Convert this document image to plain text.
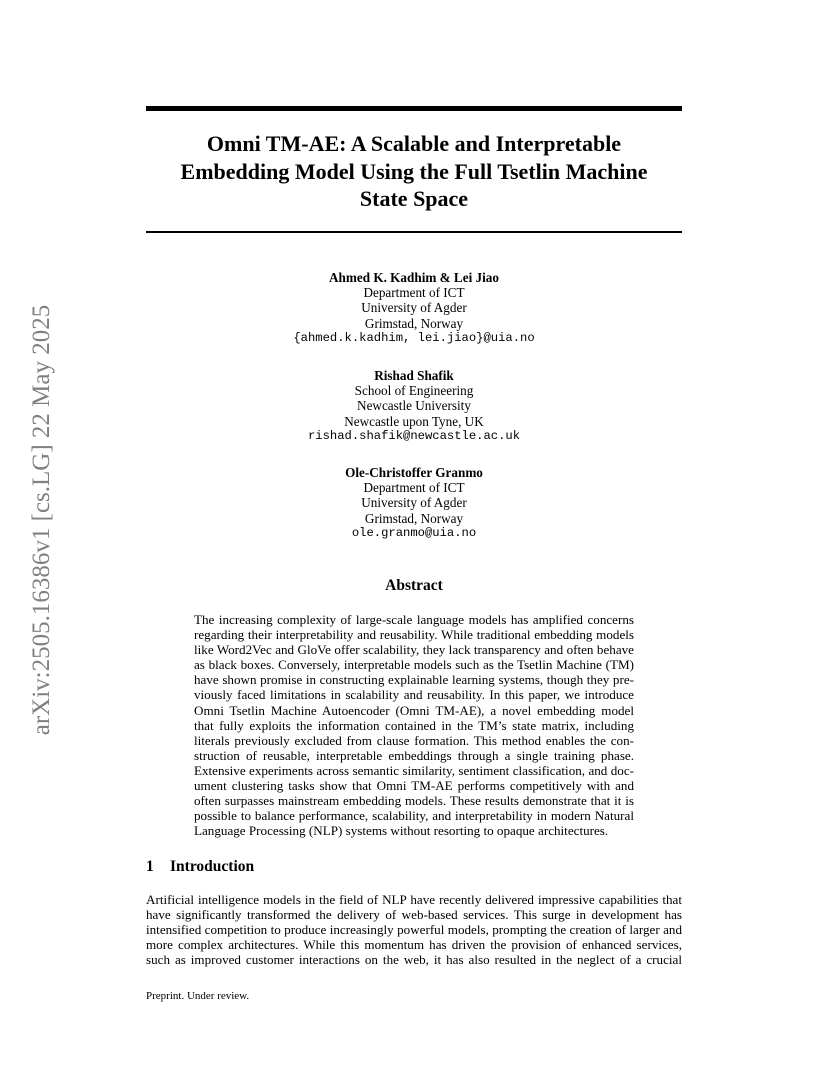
arXiv:2505.16386v1 [cs.LG] 22 May 2025
Omni TM-AE: A Scalable and Interpretable
Embedding Model Using the Full Tsetlin Machine
State Space
Ahmed K. Kadhim & Lei Jiao
Department of ICT
University of Agder
Grimstad, Norway
{ahmed.k.kadhim, lei.jiao}@uia.no
Rishad Shafik
School of Engineering
Newcastle University
Newcastle upon Tyne, UK
rishad.shafik@newcastle.ac.uk
Ole-Christoffer Granmo
Department of ICT
University of Agder
Grimstad, Norway
ole.granmo@uia.no
Abstract
The increasing complexity of large-scale language models has amplified concerns
regarding their interpretability and reusability. While traditional embedding models
like Word2Vec and GloVe offer scalability, they lack transparency and often behave
as black boxes. Conversely, interpretable models such as the Tsetlin Machine (TM)
have shown promise in constructing explainable learning systems, though they pre-
viously faced limitations in scalability and reusability. In this paper, we introduce
Omni Tsetlin Machine Autoencoder (Omni TM-AE), a novel embedding model
that fully exploits the information contained in the TM’s state matrix, including
literals previously excluded from clause formation. This method enables the con-
struction of reusable, interpretable embeddings through a single training phase.
Extensive experiments across semantic similarity, sentiment classification, and doc-
ument clustering tasks show that Omni TM-AE performs competitively with and
often surpasses mainstream embedding models. These results demonstrate that it is
possible to balance performance, scalability, and interpretability in modern Natural
Language Processing (NLP) systems without resorting to opaque architectures.
1 Introduction
Artificial intelligence models in the field of NLP have recently delivered impressive capabilities that
have significantly transformed the delivery of web-based services. This surge in development has
intensified competition to produce increasingly powerful models, prompting the creation of larger and
more complex architectures. While this momentum has driven the provision of enhanced services,
such as improved customer interactions on the web, it has also resulted in the neglect of a crucial
Preprint. Under review.
